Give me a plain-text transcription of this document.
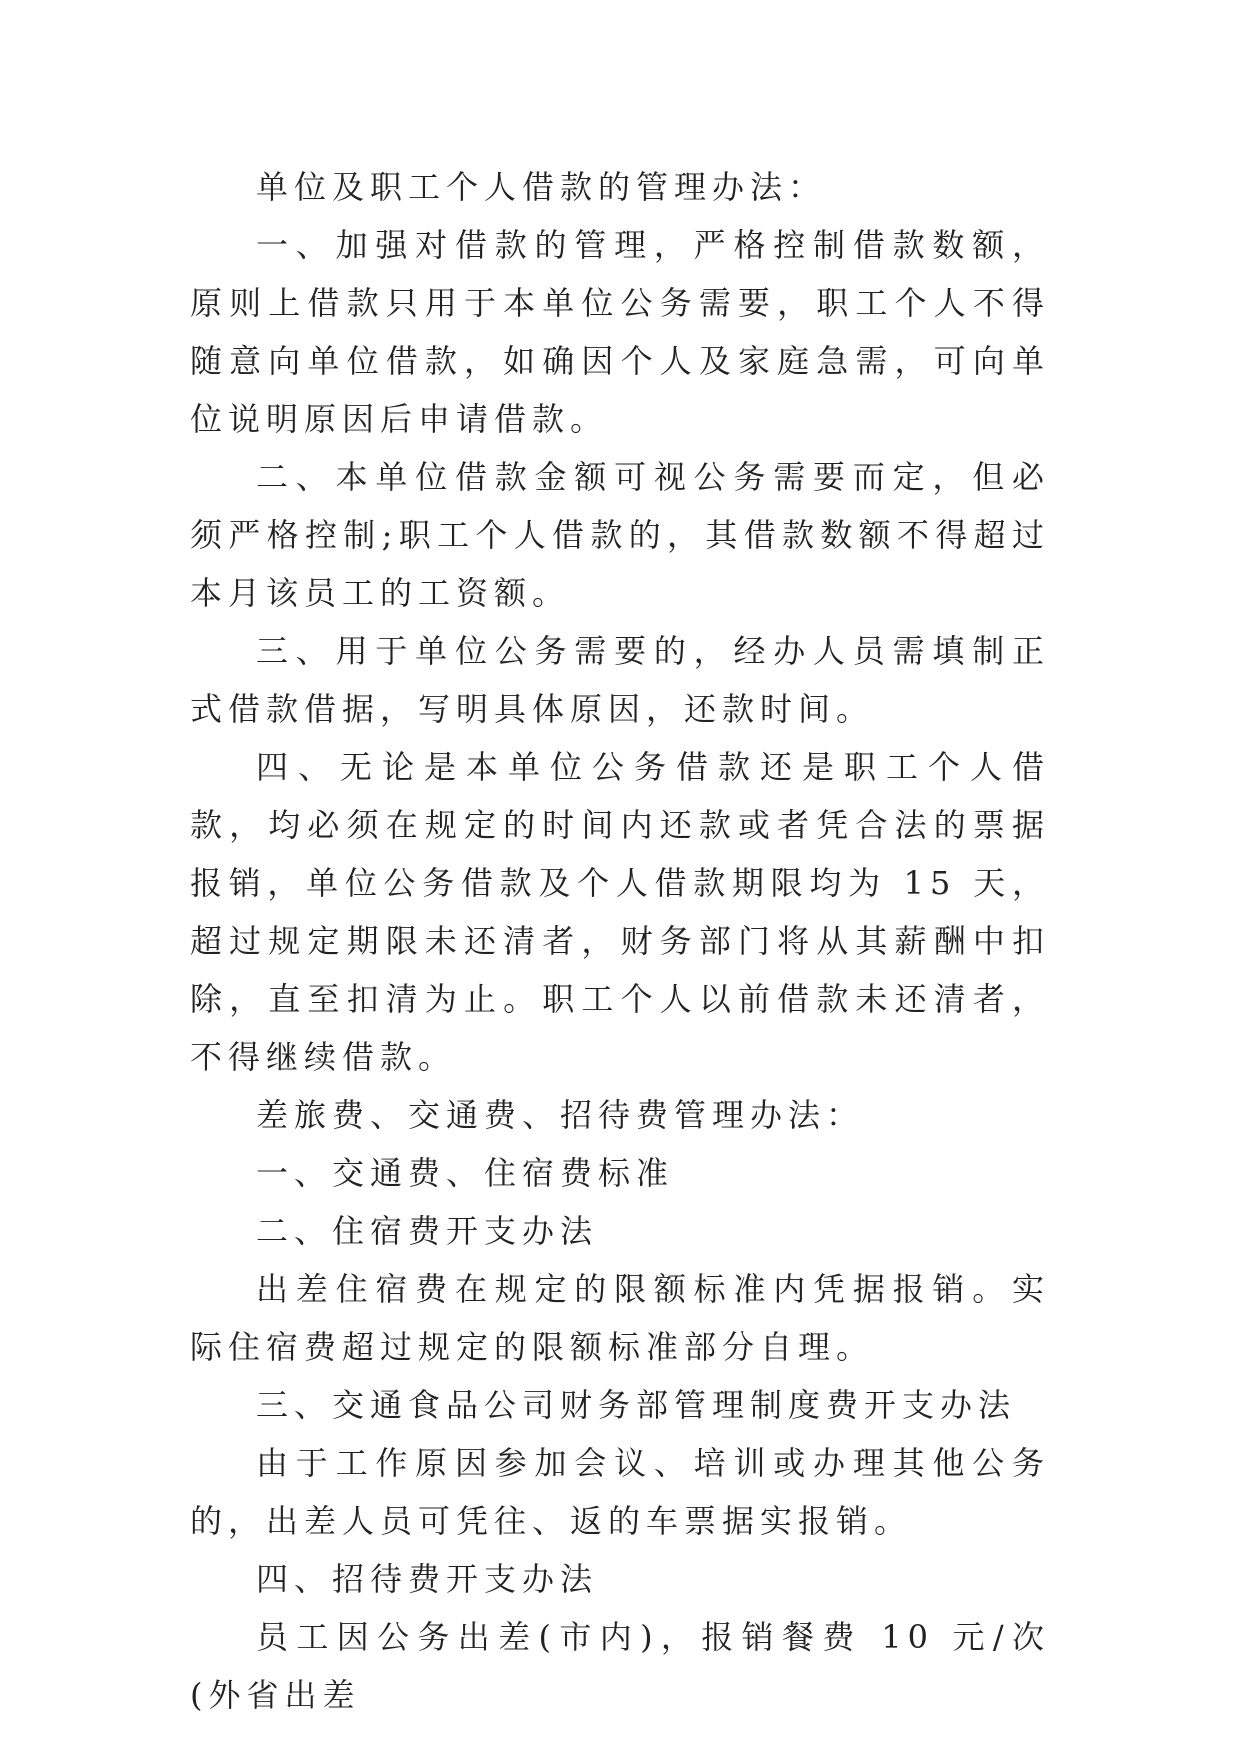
单位及职工个人借款的管理办法：

一、加强对借款的管理，严格控制借款数额，原则上借款只用于本单位公务需要，职工个人不得随意向单位借款，如确因个人及家庭急需，可向单位说明原因后申请借款。

二、本单位借款金额可视公务需要而定，但必须严格控制;职工个人借款的，其借款数额不得超过本月该员工的工资额。

三、用于单位公务需要的，经办人员需填制正式借款借据，写明具体原因，还款时间。

四、无论是本单位公务借款还是职工个人借款，均必须在规定的时间内还款或者凭合法的票据报销，单位公务借款及个人借款期限均为 15 天，超过规定期限未还清者，财务部门将从其薪酬中扣除，直至扣清为止。职工个人以前借款未还清者，不得继续借款。

差旅费、交通费、招待费管理办法：

一、交通费、住宿费标准

二、住宿费开支办法

出差住宿费在规定的限额标准内凭据报销。实际住宿费超过规定的限额标准部分自理。

三、交通食品公司财务部管理制度费开支办法

由于工作原因参加会议、培训或办理其他公务的，出差人员可凭往、返的车票据实报销。

四、招待费开支办法

员工因公务出差(市内)，报销餐费 10 元/次(外省出差
